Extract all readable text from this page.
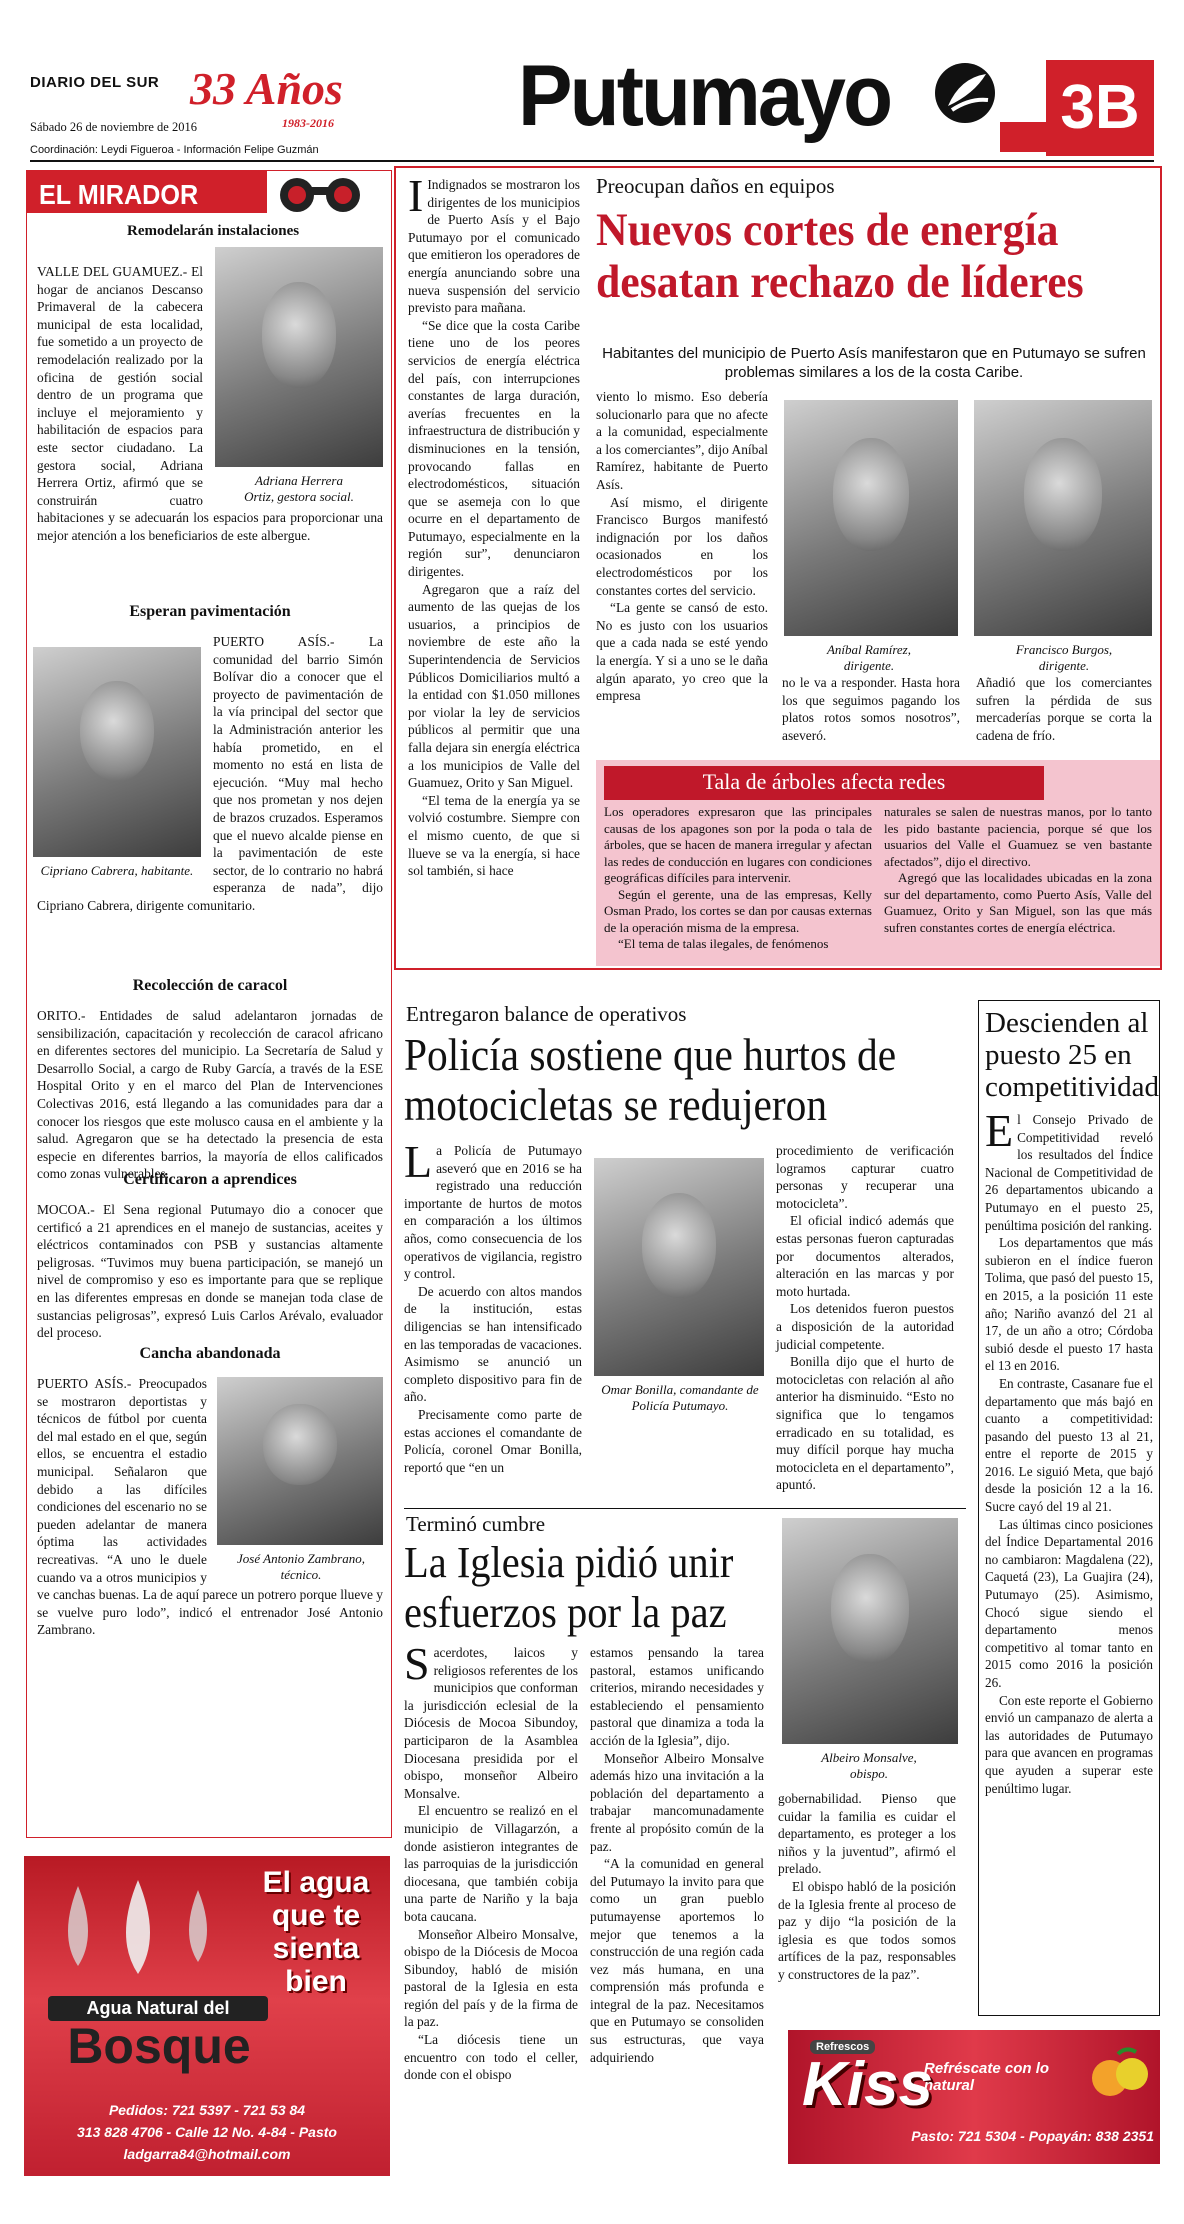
DIARIO DEL SUR 33 Años
1983-2016
Sábado 26 de noviembre de 2016
Coordinación: Leydi Figueroa - Información Felipe Guzmán
Putumayo	3B
EL MIRADOR
Remodelarán instalaciones

VALLE DEL GUAMUEZ.- El hogar de ancianos Descanso Primaveral de la cabecera municipal de esta localidad, fue sometido a un proyecto de remodelación realizado por la oficina de gestión social dentro de un programa que incluye el mejoramiento y habilitación de espacios para este sector ciudadano. La gestora social, Adriana Herrera Ortiz, afirmó que se construirán cuatro habitaciones y se adecuarán los espacios para proporcionar una mejor atención a los beneficiarios de este albergue.

Adriana Herrera Ortiz, gestora social.
Esperan pavimentación
Cipriano Cabrera, habitante.

PUERTO ASÍS.- La comunidad del barrio Simón Bolívar dio a conocer que el proyecto de pavimentación de la vía principal del sector que la Administración anterior les había prometido, en el momento no está en lista de ejecución. “Muy mal hecho que nos prometan y nos dejen de brazos cruzados. Esperamos que el nuevo alcalde piense en la pavimentación de este sector, de lo contrario no habrá esperanza de nada”, dijo Cipriano Cabrera, dirigente comunitario.

Recolección de caracol

ORITO.- Entidades de salud adelantaron jornadas de sensibilización, capacitación y recolección de caracol africano en diferentes sectores del municipio. La Secretaría de Salud y Desarrollo Social, a cargo de Ruby García, a través de la ESE Hospital Orito y en el marco del Plan de Intervenciones Colectivas 2016, está llegando a las comunidades para dar a conocer los riesgos que este molusco causa en el ambiente y la salud. Agregaron que se ha detectado la presencia de esta especie en diferentes barrios, la mayoría de ellos calificados como zonas vulnerables.

Certificaron a aprendices

MOCOA.- El Sena regional Putumayo dio a conocer que certificó a 21 aprendices en el manejo de sustancias, aceites y eléctricos contaminados con PSB y sustancias altamente peligrosas. “Tuvimos muy buena participación, se manejó un nivel de compromiso y eso es importante para que se replique en las diferentes empresas en donde se manejan toda clase de sustancias peligrosas”, expresó Luis Carlos Arévalo, evaluador del proceso.

Cancha abandonada
José Antonio Zambrano, técnico.

PUERTO ASÍS.- Preocupados se mostraron deportistas y técnicos de fútbol por cuenta del mal estado en el que, según ellos, se encuentra el estadio municipal. Señalaron que debido a las difíciles condiciones del escenario no se pueden adelantar de manera óptima las actividades recreativas. “A uno le duele cuando va a otros municipios y ve canchas buenas. La de aquí parece un potrero porque llueve y se vuelve puro lodo”, indicó el entrenador José Antonio Zambrano.

El agua que te sienta bien
Agua Natural del
Bosque
Pedidos: 721 5397 - 721 53 84
313 828 4706 - Calle 12 No. 4-84 - Pasto
ladgarra84@hotmail.com

I Indignados se mostraron los dirigentes de los municipios de Puerto Asís y el Bajo Putumayo por el comunicado que emitieron los operadores de energía anunciando sobre una nueva suspensión del servicio previsto para mañana.

“Se dice que la costa Caribe tiene uno de los peores servicios de energía eléctrica del país, con interrupciones constantes de larga duración, averías frecuentes en la infraestructura de distribución y disminuciones en la tensión, provocando fallas en electrodomésticos, situación que se asemeja con lo que ocurre en el departamento de Putumayo, especialmente en la región sur”, denunciaron dirigentes.

Agregaron que a raíz del aumento de las quejas de los usuarios, a principios de noviembre de este año la Superintendencia de Servicios Públicos Domiciliarios multó a la entidad con $1.050 millones por violar la ley de servicios públicos al permitir que una falla dejara sin energía eléctrica a los municipios de Valle del Guamuez, Orito y San Miguel.

“El tema de la energía ya se volvió costumbre. Siempre con el mismo cuento, de que si llueve se va la energía, si hace sol también, si hace

Preocupan daños en equipos
Nuevos cortes de energía desatan rechazo de líderes
Habitantes del municipio de Puerto Asís manifestaron que en Putumayo se sufren problemas similares a los de la costa Caribe.

viento lo mismo. Eso debería solucionarlo para que no afecte a la comunidad, especialmente a los comerciantes”, dijo Aníbal Ramírez, habitante de Puerto Asís.

Así mismo, el dirigente Francisco Burgos manifestó indignación por los daños ocasionados en los electrodomésticos por los constantes cortes del servicio.

“La gente se cansó de esto. No es justo con los usuarios que a cada nada se esté yendo la energía. Y si a uno se le daña algún aparato, yo creo que la empresa

Aníbal Ramírez, dirigente.

no le va a responder. Hasta hora los que seguimos pagando los platos rotos somos nosotros”, aseveró.

Francisco Burgos, dirigente.

Añadió que los comerciantes sufren la pérdida de sus mercaderías porque se corta la cadena de frío.

Tala de árboles afecta redes

Los operadores expresaron que las principales causas de los apagones son por la poda o tala de árboles, que se hacen de manera irregular y afectan las redes de conducción en lugares con condiciones geográficas difíciles para intervenir.

Según el gerente, una de las empresas, Kelly Osman Prado, los cortes se dan por causas externas de la operación misma de la empresa.

“El tema de talas ilegales, de fenómenos

naturales se salen de nuestras manos, por lo tanto les pido bastante paciencia, porque sé que los usuarios del Valle el Guamuez se ven bastante afectados”, dijo el directivo.

Agregó que las localidades ubicadas en la zona sur del departamento, como Puerto Asís, Valle del Guamuez, Orito y San Miguel, son las que más sufren constantes cortes de energía eléctrica.

Entregaron balance de operativos
Policía sostiene que hurtos de motocicletas se redujeron

La Policía de Putumayo aseveró que en 2016 se ha registrado una reducción importante de hurtos de motos en comparación a los últimos años, como consecuencia de los operativos de vigilancia, registro y control.

De acuerdo con altos mandos de la institución, estas diligencias se han intensificado en las temporadas de vacaciones. Asimismo se anunció un completo dispositivo para fin de año.

Precisamente como parte de estas acciones el comandante de Policía, coronel Omar Bonilla, reportó que “en un

Omar Bonilla, comandante de Policía Putumayo.

procedimiento de verificación logramos capturar cuatro personas y recuperar una motocicleta”.

El oficial indicó además que estas personas fueron capturadas por documentos alterados, alteración en las marcas y por moto hurtada.

Los detenidos fueron puestos a disposición de la autoridad judicial competente.

Bonilla dijo que el hurto de motocicletas con relación al año anterior ha disminuido. “Esto no significa que lo tengamos erradicado en su totalidad, es muy difícil porque hay mucha motocicleta en el departamento”, apuntó.

Terminó cumbre
La Iglesia pidió unir esfuerzos por la paz

Sacerdotes, laicos y religiosos referentes de los municipios que conforman la jurisdicción eclesial de la Diócesis de Mocoa Sibundoy, participaron de la Asamblea Diocesana presidida por el obispo, monseñor Albeiro Monsalve.

El encuentro se realizó en el municipio de Villagarzón, a donde asistieron integrantes de las parroquias de la jurisdicción diocesana, que también cobija una parte de Nariño y la baja bota caucana.

Monseñor Albeiro Monsalve, obispo de la Diócesis de Mocoa Sibundoy, habló de misión pastoral de la Iglesia en esta región del país y de la firma de la paz.

“La diócesis tiene un encuentro con todo el celler, donde con el obispo

estamos pensando la tarea pastoral, estamos unificando criterios, mirando necesidades y estableciendo el pensamiento pastoral que dinamiza a toda la acción de la Iglesia”, dijo.

Monseñor Albeiro Monsalve además hizo una invitación a la población del departamento a trabajar mancomunadamente frente al propósito común de la paz.

“A la comunidad en general del Putumayo la invito para que como un gran pueblo putumayense aportemos lo mejor que tenemos a la construcción de una región cada vez más humana, en una comprensión más profunda e integral de la paz. Necesitamos que en Putumayo se consoliden sus estructuras, que vaya adquiriendo

Albeiro Monsalve, obispo.

gobernabilidad. Pienso que cuidar la familia es cuidar el departamento, es proteger a los niños y la juventud”, afirmó el prelado.

El obispo habló de la posición de la Iglesia frente al proceso de paz y dijo “la posición de la iglesia es que todos somos artífices de la paz, responsables y constructores de la paz”.

Descienden al puesto 25 en competitividad

El Consejo Privado de Competitividad reveló los resultados del Índice Nacional de Competitividad de 26 departamentos ubicando a Putumayo en el puesto 25, penúltima posición del ranking.

Los departamentos que más subieron en el índice fueron Tolima, que pasó del puesto 15, en 2015, a la posición 11 este año; Nariño avanzó del 21 al 17, de un año a otro; Córdoba subió desde el puesto 17 hasta el 13 en 2016.

En contraste, Casanare fue el departamento que más bajó en cuanto a competitividad: pasando del puesto 13 al 21, entre el reporte de 2015 y 2016. Le siguió Meta, que bajó desde la posición 12 a la 16. Sucre cayó del 19 al 21.

Las últimas cinco posiciones del Índice Departamental 2016 no cambiaron: Magdalena (22), Caquetá (23), La Guajira (24), Putumayo (25). Asimismo, Chocó sigue siendo el departamento menos competitivo al tomar tanto en 2015 como 2016 la posición 26.

Con este reporte el Gobierno envió un campanazo de alerta a las autoridades de Putumayo para que avancen en programas que ayuden a superar este penúltimo lugar.

Refrescos
Kiss
Refréscate con lo natural
Pasto: 721 5304 - Popayán: 838 2351
